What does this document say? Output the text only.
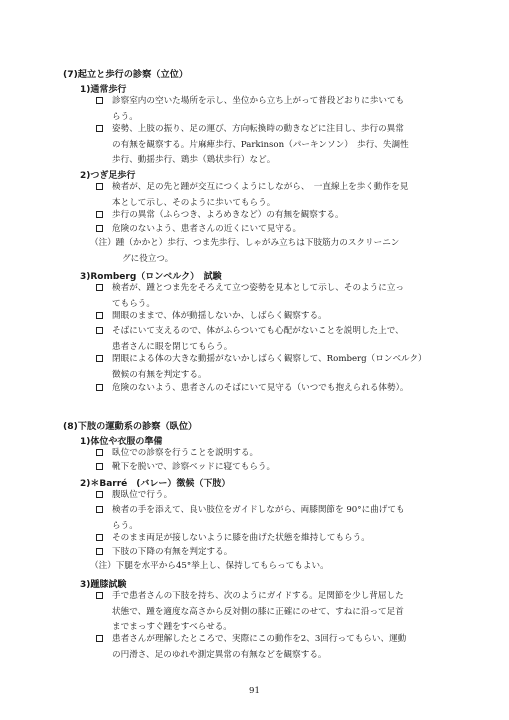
(7)起立と歩行の診察（立位）
1)通常歩行
診察室内の空いた場所を示し、坐位から立ち上がって普段どおりに歩いても
らう。
姿勢、上肢の振り、足の運び、方向転換時の動きなどに注目し、歩行の異常
の有無を観察する。片麻痺歩行、Parkinson（パーキンソン）　歩行、失調性
歩行、動揺歩行、鶏歩（鶏状歩行）など。
2)つぎ足歩行
検者が、足の先と踵が交互につくようにしながら、　一直線上を歩く動作を見
本として示し、そのように歩いてもらう。
歩行の異常（ふらつき、よろめきなど）の有無を観察する。
危険のないよう、患者さんの近くにいて見守る。
（注）踵（かかと）歩行、つま先歩行、しゃがみ立ちは下肢筋力のスクリーニン
グに役立つ。
3)Romberg（ロンベルク）　試験
検者が、踵とつま先をそろえて立つ姿勢を見本として示し、そのように立っ
てもらう。
開眼のままで、体が動揺しないか、しばらく観察する。
そばにいて支えるので、体がふらついても心配がないことを説明した上で、
患者さんに眼を閉じてもらう。
閉眼による体の大きな動揺がないかしばらく観察して、Romberg（ロンベルク）
徴候の有無を判定する。
危険のないよう、患者さんのそばにいて見守る（いつでも抱えられる体勢）。
(8)下肢の運動系の診察（臥位）
1)体位や衣服の準備
臥位での診察を行うことを説明する。
靴下を脱いで、診察ベッドに寝てもらう。
2)＊Barré　(バレー）徴候（下肢）
腹臥位で行う。
検者の手を添えて、良い肢位をガイドしながら、両膝関節を 90°に曲げても
らう。
そのまま両足が接しないように膝を曲げた状態を維持してもらう。
下肢の下降の有無を判定する。
（注）下腿を水平から45°挙上し、保持してもらってもよい。
3)踵膝試験
手で患者さんの下肢を持ち、次のようにガイドする。足関節を少し背屈した
状態で、踵を適度な高さから反対側の膝に正確にのせて、すねに沿って足首
までまっすぐ踵をすべらせる。
患者さんが理解したところで、実際にこの動作を2、3回行ってもらい、運動
の円滑さ、足のゆれや測定異常の有無などを観察する。
91
